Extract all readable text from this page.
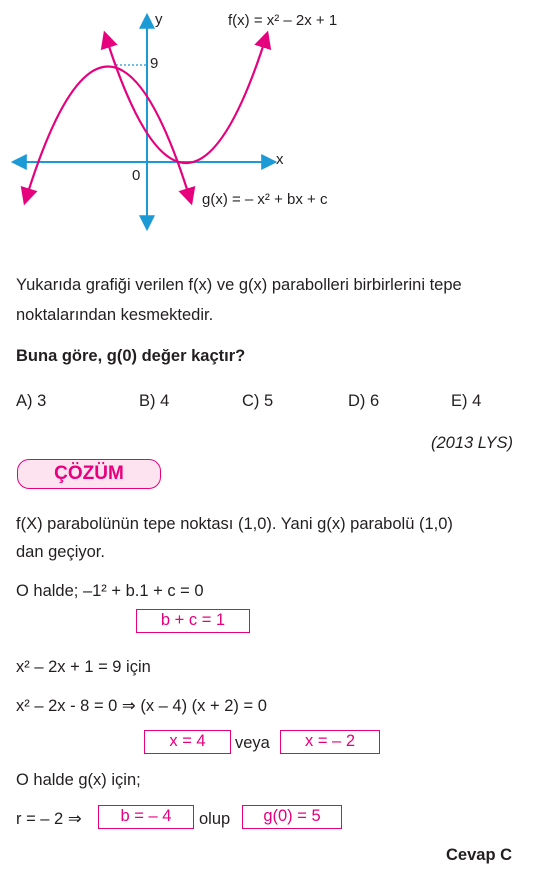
f(x) = x² – 2x + 1
g(x) = – x² + bx + c
y
x
0
9
Yukarıda grafiği verilen f(x) ve g(x) parabolleri birbirlerini tepe
noktalarından kesmektedir.
Buna göre, g(0) değer kaçtır?
A) 3	B) 4	C) 5	D) 6	E) 4
(2013 LYS)
ÇÖZÜM
f(X) parabolünün tepe noktası (1,0). Yani g(x) parabolü (1,0)
dan geçiyor.
O halde; –1² + b.1 + c = 0
b + c = 1
x² – 2x + 1 = 9 için
x² – 2x - 8 = 0 ⇒ (x – 4) (x + 2) = 0
x = 4	veya	x = – 2
O halde g(x) için;
r = – 2 ⇒	b = – 4	olup	g(0) = 5
Cevap C
